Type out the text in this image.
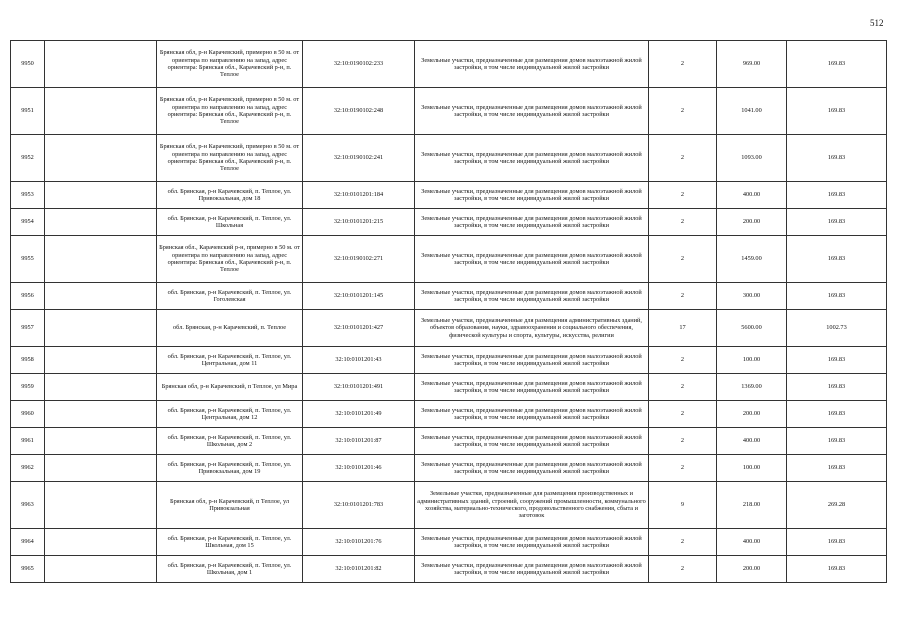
512
9950		Брянская обл, р-н Карачевский, примерно в 50 м. от ориентира по направлению на запад, адрес ориентира: Брянская обл., Карачевский р-н, п. Теплое	32:10:0190102:233	Земельные участки, предназначенные для размещения домов малоэтажной жилой застройки, в том числе индивидуальной жилой застройки	2	969.00	169.83	
9951		Брянская обл, р-н Карачевский, примерно в 50 м. от ориентира по направлению на запад, адрес ориентира: Брянская обл., Карачевский р-н, п. Теплое	32:10:0190102:248	Земельные участки, предназначенные для размещения домов малоэтажной жилой застройки, в том числе индивидуальной жилой застройки	2	1041.00	169.83	
9952		Брянская обл, р-н Карачевский, примерно в 50 м. от ориентира по направлению на запад, адрес ориентира: Брянская обл., Карачевский р-н, п. Теплое	32:10:0190102:241	Земельные участки, предназначенные для размещения домов малоэтажной жилой застройки, в том числе индивидуальной жилой застройки	2	1093.00	169.83	
9953		обл. Брянская, р-н Карачевский, п. Теплое, ул. Привокзальная, дом 18	32:10:0101201:184	Земельные участки, предназначенные для размещения домов малоэтажной жилой застройки, в том числе индивидуальной жилой застройки	2	400.00	169.83	
9954		обл. Брянская, р-н Карачевский, п. Теплое, ул. Школьная	32:10:0101201:215	Земельные участки, предназначенные для размещения домов малоэтажной жилой застройки, в том числе индивидуальной жилой застройки	2	200.00	169.83	
9955		Брянская обл., Карачевский р-н, примерно в 50 м. от ориентира по направлению на запад, адрес ориентира: Брянская обл., Карачевский р-н, п. Теплое	32:10:0190102:271	Земельные участки, предназначенные для размещения домов малоэтажной жилой застройки, в том числе индивидуальной жилой застройки	2	1459.00	169.83	
9956		обл. Брянская, р-н Карачевский, п. Теплое, ул. Гоголевская	32:10:0101201:145	Земельные участки, предназначенные для размещения домов малоэтажной жилой застройки, в том числе индивидуальной жилой застройки	2	300.00	169.83	
9957		обл. Брянская, р-н Карачевский, п. Теплое	32:10:0101201:427	Земельные участки, предназначенные для размещения административных зданий, объектов образования, науки, здравоохранения и социального обеспечения, физической культуры и спорта, культуры, искусства, религии	17	5600.00	1002.73	
9958		обл. Брянская, р-н Карачевский, п. Теплое, ул. Центральная, дом 11	32:10:0101201:43	Земельные участки, предназначенные для размещения домов малоэтажной жилой застройки, в том числе индивидуальной жилой застройки	2	100.00	169.83	
9959		Брянская обл, р-н Карачевский, п Теплое, ул Мира	32:10:0101201:491	Земельные участки, предназначенные для размещения домов малоэтажной жилой застройки, в том числе индивидуальной жилой застройки	2	1369.00	169.83	
9960		обл. Брянская, р-н Карачевский, п. Теплое, ул. Центральная, дом 12	32:10:0101201:49	Земельные участки, предназначенные для размещения домов малоэтажной жилой застройки, в том числе индивидуальной жилой застройки	2	200.00	169.83	
9961		обл. Брянская, р-н Карачевский, п. Теплое, ул. Школьная, дом 2	32:10:0101201:87	Земельные участки, предназначенные для размещения домов малоэтажной жилой застройки, в том числе индивидуальной жилой застройки	2	400.00	169.83	
9962		обл. Брянская, р-н Карачевский, п. Теплое, ул. Привокзальная, дом 19	32:10:0101201:46	Земельные участки, предназначенные для размещения домов малоэтажной жилой застройки, в том числе индивидуальной жилой застройки	2	100.00	169.83	
9963		Брянская обл, р-н Карачевский, п Теплое, ул Привокзальная	32:10:0101201:783	Земельные участки, предназначенные для размещения производственных и административных зданий, строений, сооружений промышленности, коммунального хозяйства, материально-технического, продовольственного снабжения, сбыта и заготовок	9	218.00	269.28	
9964		обл. Брянская, р-н Карачевский, п. Теплое, ул. Школьная, дом 15	32:10:0101201:76	Земельные участки, предназначенные для размещения домов малоэтажной жилой застройки, в том числе индивидуальной жилой застройки	2	400.00	169.83	
9965		обл. Брянская, р-н Карачевский, п. Теплое, ул. Школьная, дом 1	32:10:0101201:82	Земельные участки, предназначенные для размещения домов малоэтажной жилой застройки, в том числе индивидуальной жилой застройки	2	200.00	169.83	
